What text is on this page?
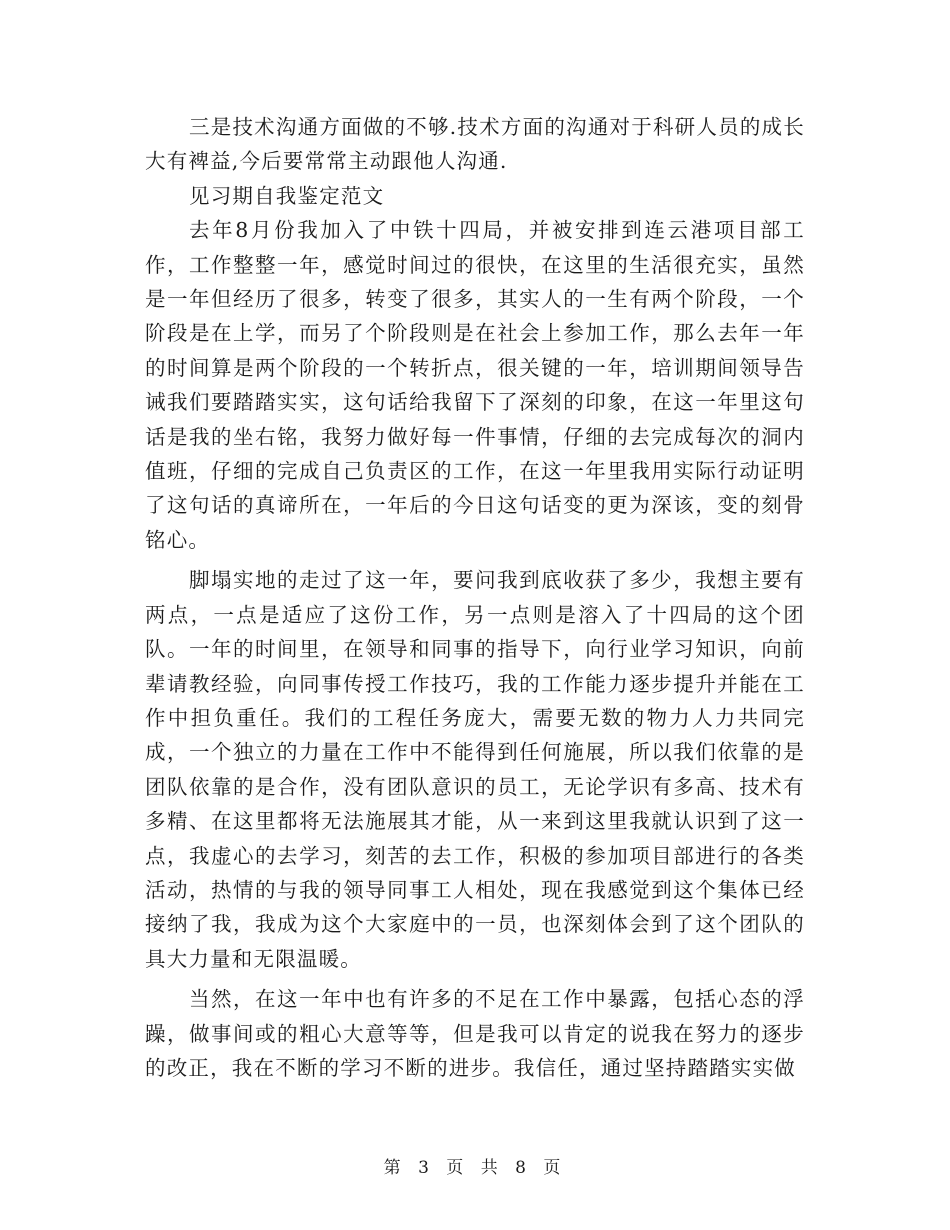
三是技术沟通方面做的不够.技术方面的沟通对于科研人员的成长大有裨益,今后要常常主动跟他人沟通.

见习期自我鉴定范文

去年8月份我加入了中铁十四局，并被安排到连云港项目部工作，工作整整一年，感觉时间过的很快，在这里的生活很充实，虽然是一年但经历了很多，转变了很多，其实人的一生有两个阶段，一个阶段是在上学，而另了个阶段则是在社会上参加工作，那么去年一年的时间算是两个阶段的一个转折点，很关键的一年，培训期间领导告诫我们要踏踏实实，这句话给我留下了深刻的印象，在这一年里这句话是我的坐右铭，我努力做好每一件事情，仔细的去完成每次的洞内值班，仔细的完成自己负责区的工作，在这一年里我用实际行动证明了这句话的真谛所在，一年后的今日这句话变的更为深该，变的刻骨铭心。

脚塌实地的走过了这一年，要问我到底收获了多少，我想主要有两点，一点是适应了这份工作，另一点则是溶入了十四局的这个团队。一年的时间里，在领导和同事的指导下，向行业学习知识，向前辈请教经验，向同事传授工作技巧，我的工作能力逐步提升并能在工作中担负重任。我们的工程任务庞大，需要无数的物力人力共同完成，一个独立的力量在工作中不能得到任何施展，所以我们依靠的是团队依靠的是合作，没有团队意识的员工，无论学识有多高、技术有多精、在这里都将无法施展其才能，从一来到这里我就认识到了这一点，我虚心的去学习，刻苦的去工作，积极的参加项目部进行的各类活动，热情的与我的领导同事工人相处，现在我感觉到这个集体已经接纳了我，我成为这个大家庭中的一员，也深刻体会到了这个团队的具大力量和无限温暖。

当然，在这一年中也有许多的不足在工作中暴露，包括心态的浮躁，做事间或的粗心大意等等，但是我可以肯定的说我在努力的逐步的改正，我在不断的学习不断的进步。我信任，通过坚持踏踏实实做

第 3 页 共 8 页
